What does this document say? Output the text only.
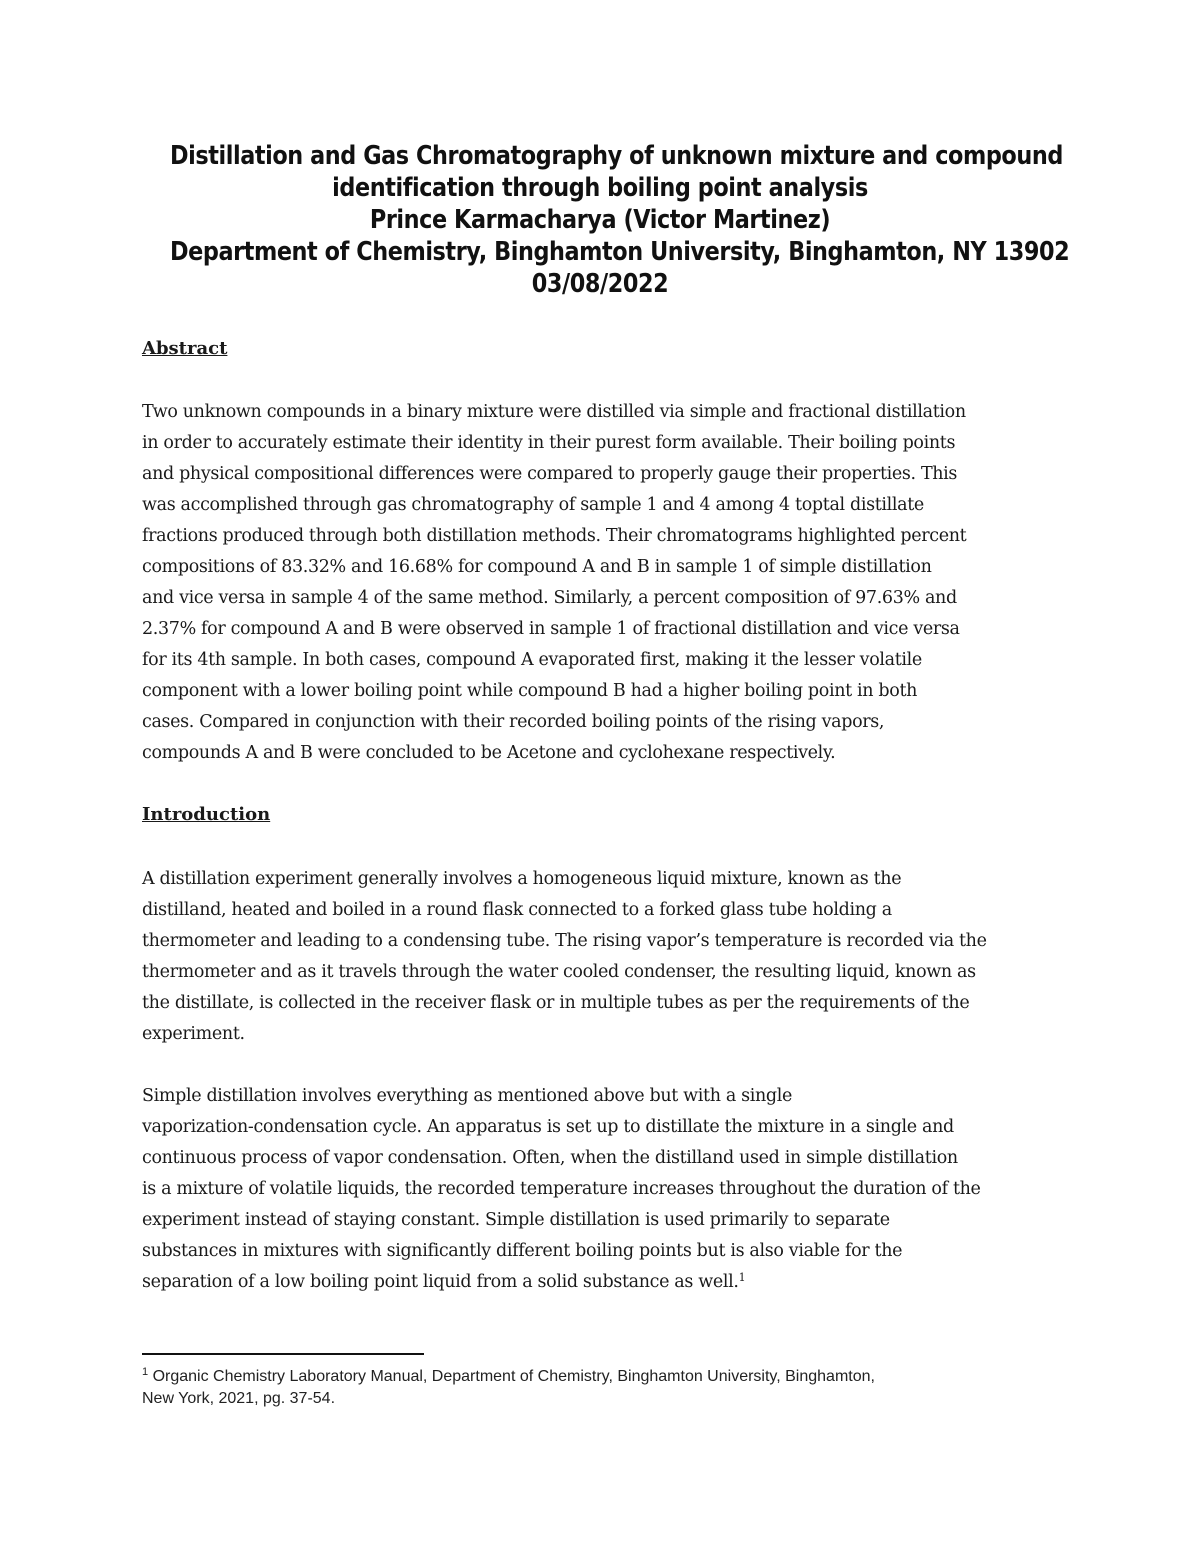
Distillation and Gas Chromatography of unknown mixture and compound
identification through boiling point analysis
Prince Karmacharya (Victor Martinez)
Department of Chemistry, Binghamton University, Binghamton, NY 13902
03/08/2022
Abstract
Two unknown compounds in a binary mixture were distilled via simple and fractional distillation
in order to accurately estimate their identity in their purest form available. Their boiling points
and physical compositional differences were compared to properly gauge their properties. This
was accomplished through gas chromatography of sample 1 and 4 among 4 toptal distillate
fractions produced through both distillation methods. Their chromatograms highlighted percent
compositions of 83.32% and 16.68% for compound A and B in sample 1 of simple distillation
and vice versa in sample 4 of the same method. Similarly, a percent composition of 97.63% and
2.37% for compound A and B were observed in sample 1 of fractional distillation and vice versa
for its 4th sample. In both cases, compound A evaporated first, making it the lesser volatile
component with a lower boiling point while compound B had a higher boiling point in both
cases. Compared in conjunction with their recorded boiling points of the rising vapors,
compounds A and B were concluded to be Acetone and cyclohexane respectively.
Introduction
A distillation experiment generally involves a homogeneous liquid mixture, known as the
distilland, heated and boiled in a round flask connected to a forked glass tube holding a
thermometer and leading to a condensing tube. The rising vapor’s temperature is recorded via the
thermometer and as it travels through the water cooled condenser, the resulting liquid, known as
the distillate, is collected in the receiver flask or in multiple tubes as per the requirements of the
experiment.
Simple distillation involves everything as mentioned above but with a single
vaporization-condensation cycle. An apparatus is set up to distillate the mixture in a single and
continuous process of vapor condensation. Often, when the distilland used in simple distillation
is a mixture of volatile liquids, the recorded temperature increases throughout the duration of the
experiment instead of staying constant. Simple distillation is used primarily to separate
substances in mixtures with significantly different boiling points but is also viable for the
separation of a low boiling point liquid from a solid substance as well.$^1$
$^1$ Organic Chemistry Laboratory Manual, Department of Chemistry, Binghamton University, Binghamton,
New York, 2021, pg. 37-54.
